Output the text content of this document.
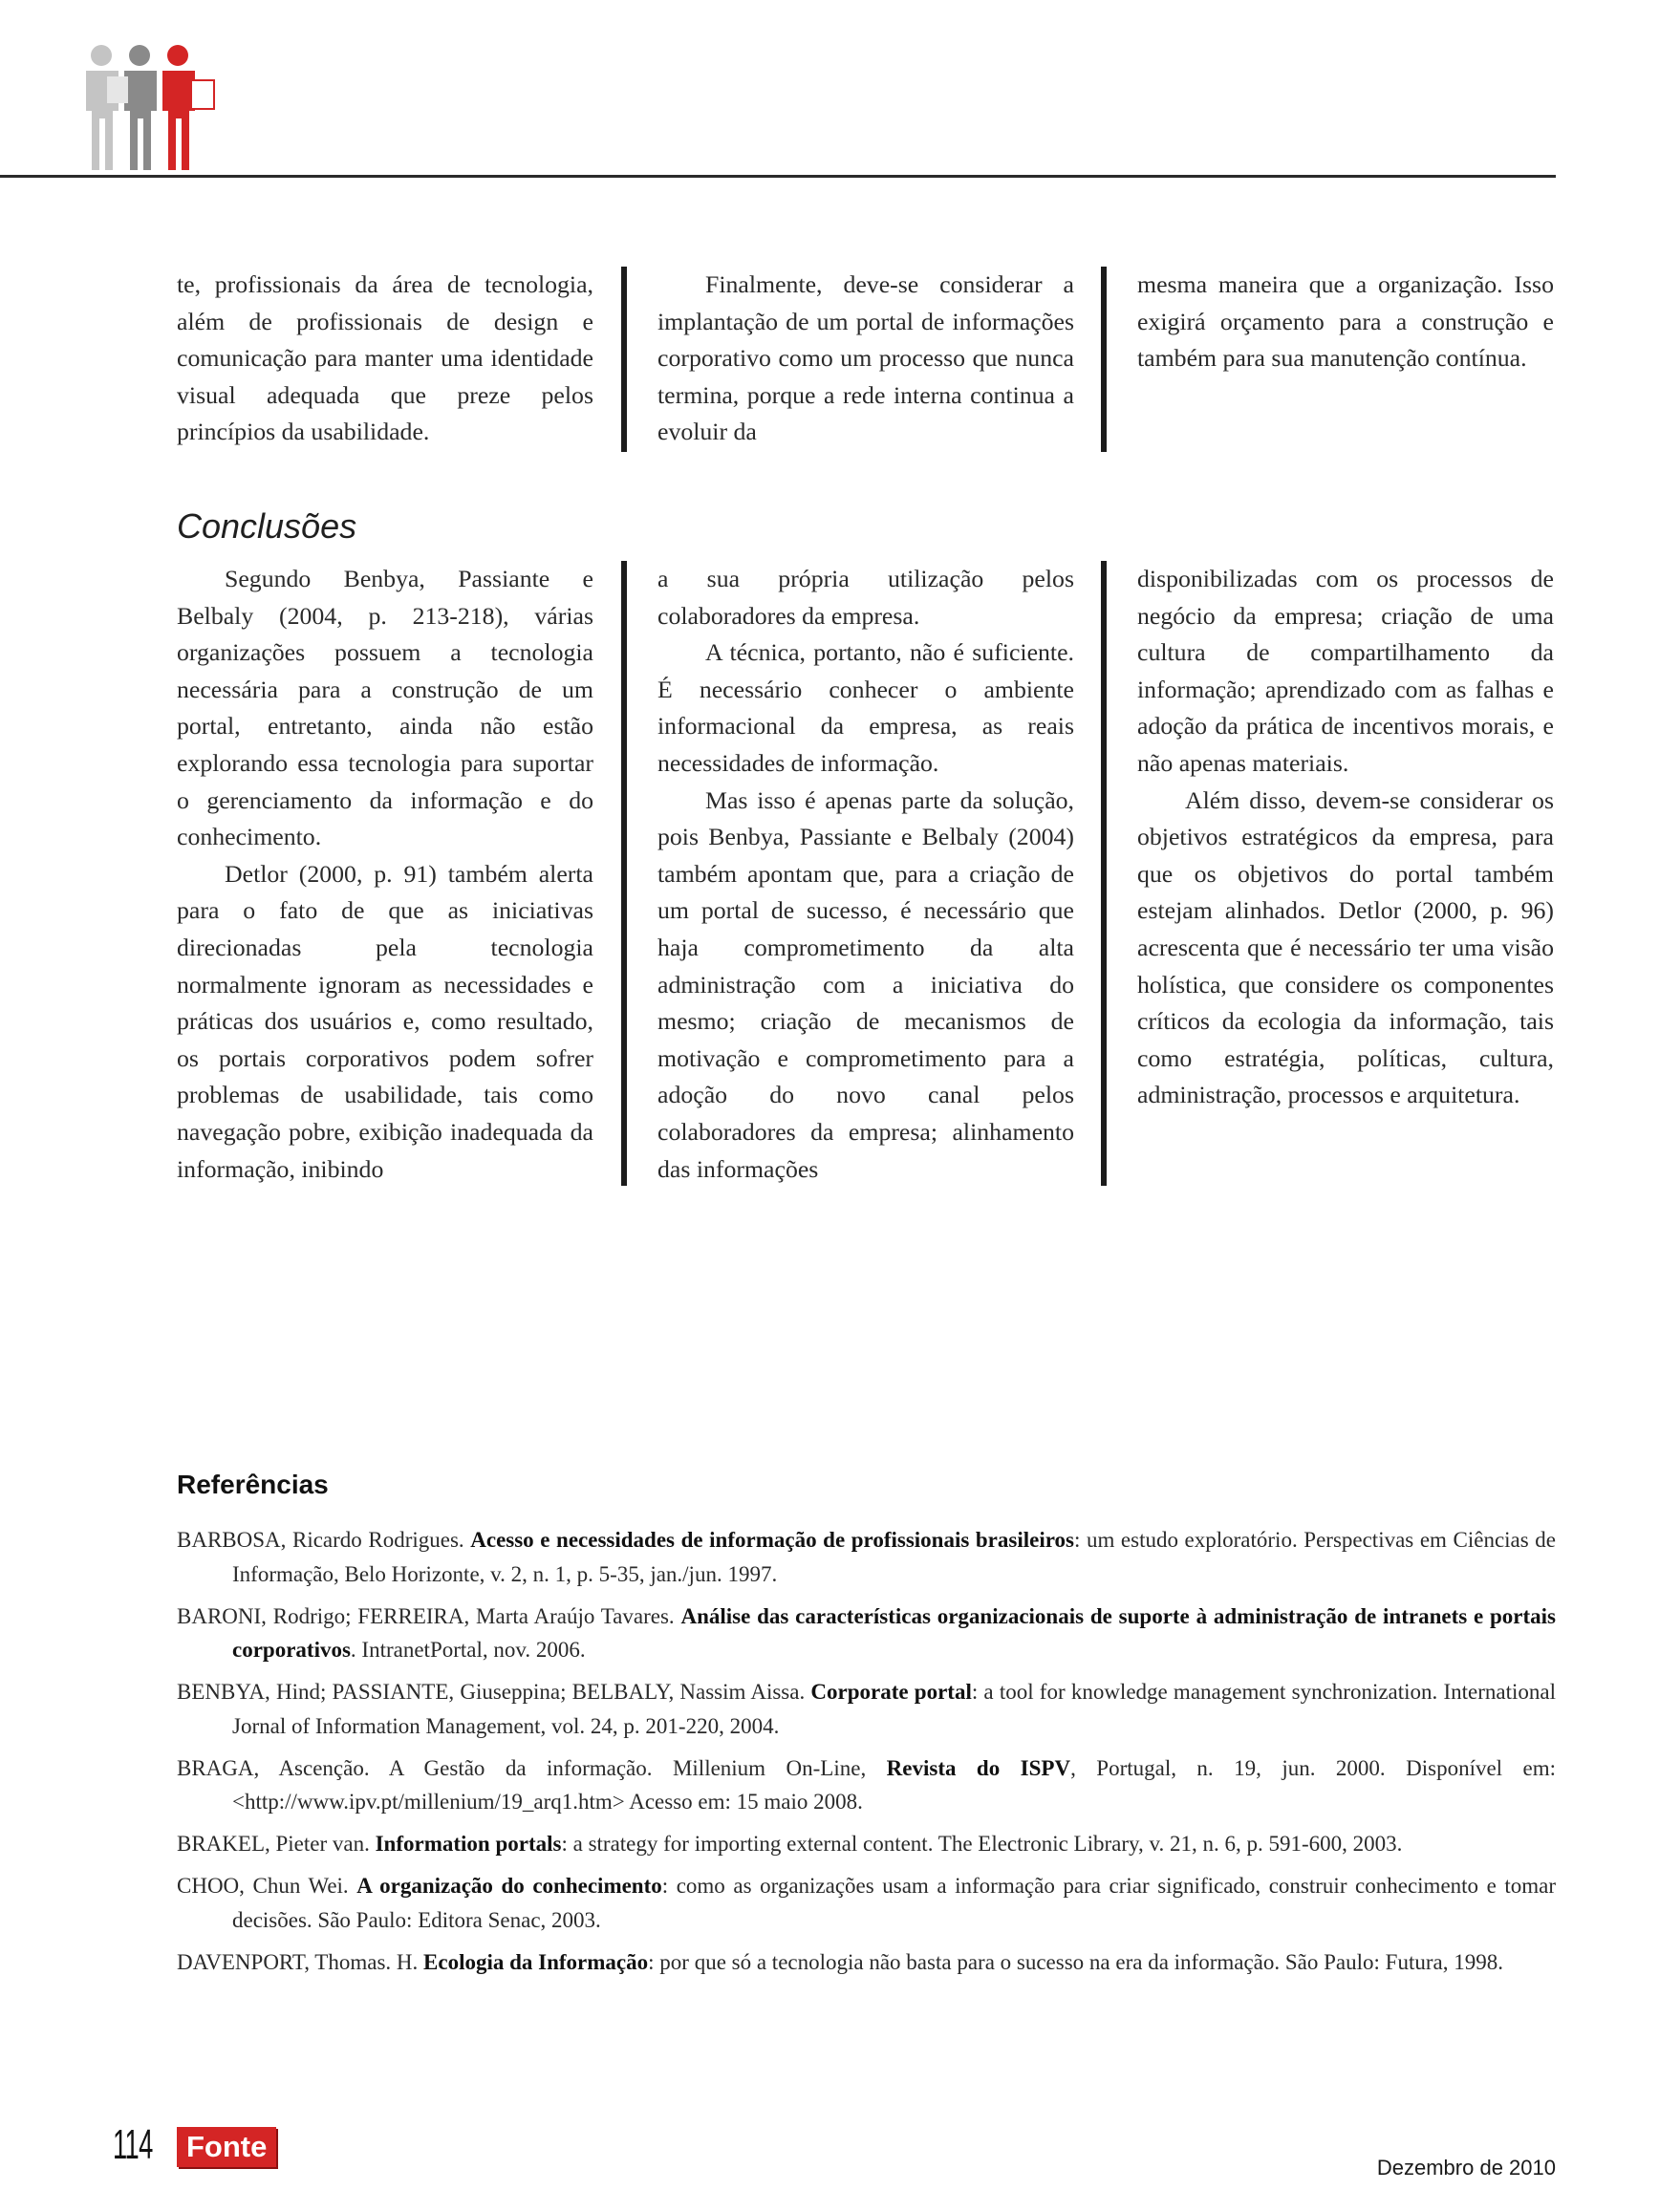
te, profissionais da área de tecnologia, além de profissionais de design e comunicação para manter uma identidade visual adequada que preze pelos princípios da usabilidade.

Finalmente, deve-se considerar a implantação de um portal de informações corporativo como um processo que nunca termina, porque a rede interna continua a evoluir da

mesma maneira que a organização. Isso exigirá orçamento para a construção e também para sua manutenção contínua.

Conclusões

Segundo Benbya, Passiante e Belbaly (2004, p. 213-218), várias organizações possuem a tecnologia necessária para a construção de um portal, entretanto, ainda não estão explorando essa tecnologia para suportar o gerenciamento da informação e do conhecimento.

Detlor (2000, p. 91) também alerta para o fato de que as iniciativas direcionadas pela tecnologia normalmente ignoram as necessidades e práticas dos usuários e, como resultado, os portais corporativos podem sofrer problemas de usabilidade, tais como navegação pobre, exibição inadequada da informação, inibindo

a sua própria utilização pelos colaboradores da empresa.

A técnica, portanto, não é suficiente. É necessário conhecer o ambiente informacional da empresa, as reais necessidades de informação.

Mas isso é apenas parte da solução, pois Benbya, Passiante e Belbaly (2004) também apontam que, para a criação de um portal de sucesso, é necessário que haja comprometimento da alta administração com a iniciativa do mesmo; criação de mecanismos de motivação e comprometimento para a adoção do novo canal pelos colaboradores da empresa; alinhamento das informações

disponibilizadas com os processos de negócio da empresa; criação de uma cultura de compartilhamento da informação; aprendizado com as falhas e adoção da prática de incentivos morais, e não apenas materiais.

Além disso, devem-se considerar os objetivos estratégicos da empresa, para que os objetivos do portal também estejam alinhados. Detlor (2000, p. 96) acrescenta que é necessário ter uma visão holística, que considere os componentes críticos da ecologia da informação, tais como estratégia, políticas, cultura, administração, processos e arquitetura.

Referências

BARBOSA, Ricardo Rodrigues. Acesso e necessidades de informação de profissionais brasileiros: um estudo exploratório. Perspectivas em Ciências de Informação, Belo Horizonte, v. 2, n. 1, p. 5-35, jan./jun. 1997.

BARONI, Rodrigo; FERREIRA, Marta Araújo Tavares. Análise das características organizacionais de suporte à administração de intranets e portais corporativos. IntranetPortal, nov. 2006.

BENBYA, Hind; PASSIANTE, Giuseppina; BELBALY, Nassim Aissa. Corporate portal: a tool for knowledge management synchronization. International Jornal of Information Management, vol. 24, p. 201-220, 2004.

BRAGA, Ascenção. A Gestão da informação. Millenium On-Line, Revista do ISPV, Portugal, n. 19, jun. 2000. Disponível em: <http://www.ipv.pt/millenium/19_arq1.htm> Acesso em: 15 maio 2008.

BRAKEL, Pieter van. Information portals: a strategy for importing external content. The Electronic Library, v. 21, n. 6, p. 591-600, 2003.

CHOO, Chun Wei. A organização do conhecimento: como as organizações usam a informação para criar significado, construir conhecimento e tomar decisões. São Paulo: Editora Senac, 2003.

DAVENPORT, Thomas. H. Ecologia da Informação: por que só a tecnologia não basta para o sucesso na era da informação. São Paulo: Futura, 1998.

114	Fonte

Dezembro de 2010
